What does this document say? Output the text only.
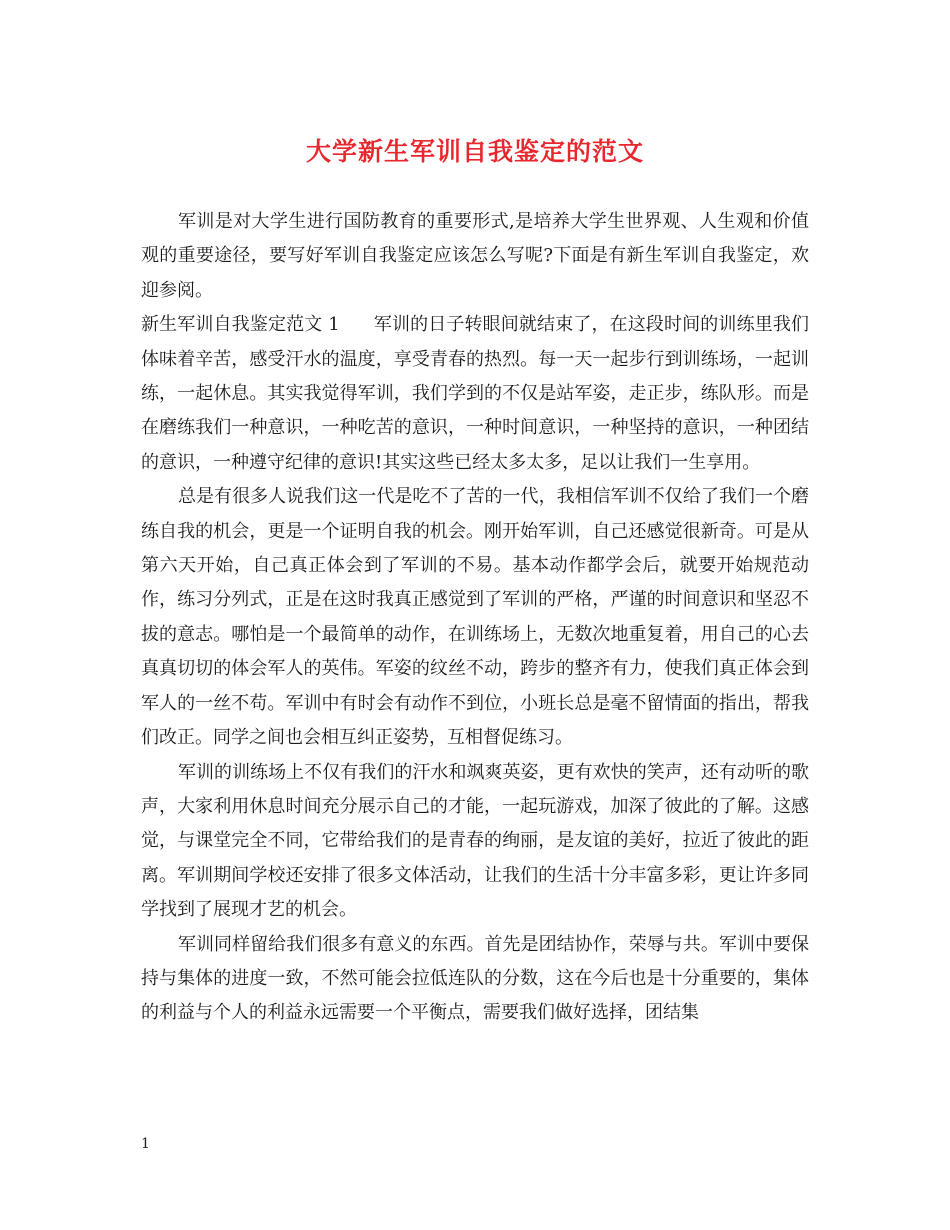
大学新生军训自我鉴定的范文

军训是对大学生进行国防教育的重要形式,是培养大学生世界观、人生观和价值观的重要途径，要写好军训自我鉴定应该怎么写呢?下面是有新生军训自我鉴定，欢迎参阅。

新生军训自我鉴定范文 1 军训的日子转眼间就结束了，在这段时间的训练里我们体味着辛苦，感受汗水的温度，享受青春的热烈。每一天一起步行到训练场，一起训练，一起休息。其实我觉得军训，我们学到的不仅是站军姿，走正步，练队形。而是在磨练我们一种意识，一种吃苦的意识，一种时间意识，一种坚持的意识，一种团结的意识，一种遵守纪律的意识!其实这些已经太多太多，足以让我们一生享用。

总是有很多人说我们这一代是吃不了苦的一代，我相信军训不仅给了我们一个磨练自我的机会，更是一个证明自我的机会。刚开始军训，自己还感觉很新奇。可是从第六天开始，自己真正体会到了军训的不易。基本动作都学会后，就要开始规范动作，练习分列式，正是在这时我真正感觉到了军训的严格，严谨的时间意识和坚忍不拔的意志。哪怕是一个最简单的动作，在训练场上，无数次地重复着，用自己的心去真真切切的体会军人的英伟。军姿的纹丝不动，跨步的整齐有力，使我们真正体会到军人的一丝不苟。军训中有时会有动作不到位，小班长总是毫不留情面的指出，帮我们改正。同学之间也会相互纠正姿势，互相督促练习。

军训的训练场上不仅有我们的汗水和飒爽英姿，更有欢快的笑声，还有动听的歌声，大家利用休息时间充分展示自己的才能，一起玩游戏，加深了彼此的了解。这感觉，与课堂完全不同，它带给我们的是青春的绚丽，是友谊的美好，拉近了彼此的距离。军训期间学校还安排了很多文体活动，让我们的生活十分丰富多彩，更让许多同学找到了展现才艺的机会。

军训同样留给我们很多有意义的东西。首先是团结协作，荣辱与共。军训中要保持与集体的进度一致，不然可能会拉低连队的分数，这在今后也是十分重要的，集体的利益与个人的利益永远需要一个平衡点，需要我们做好选择，团结集

1
